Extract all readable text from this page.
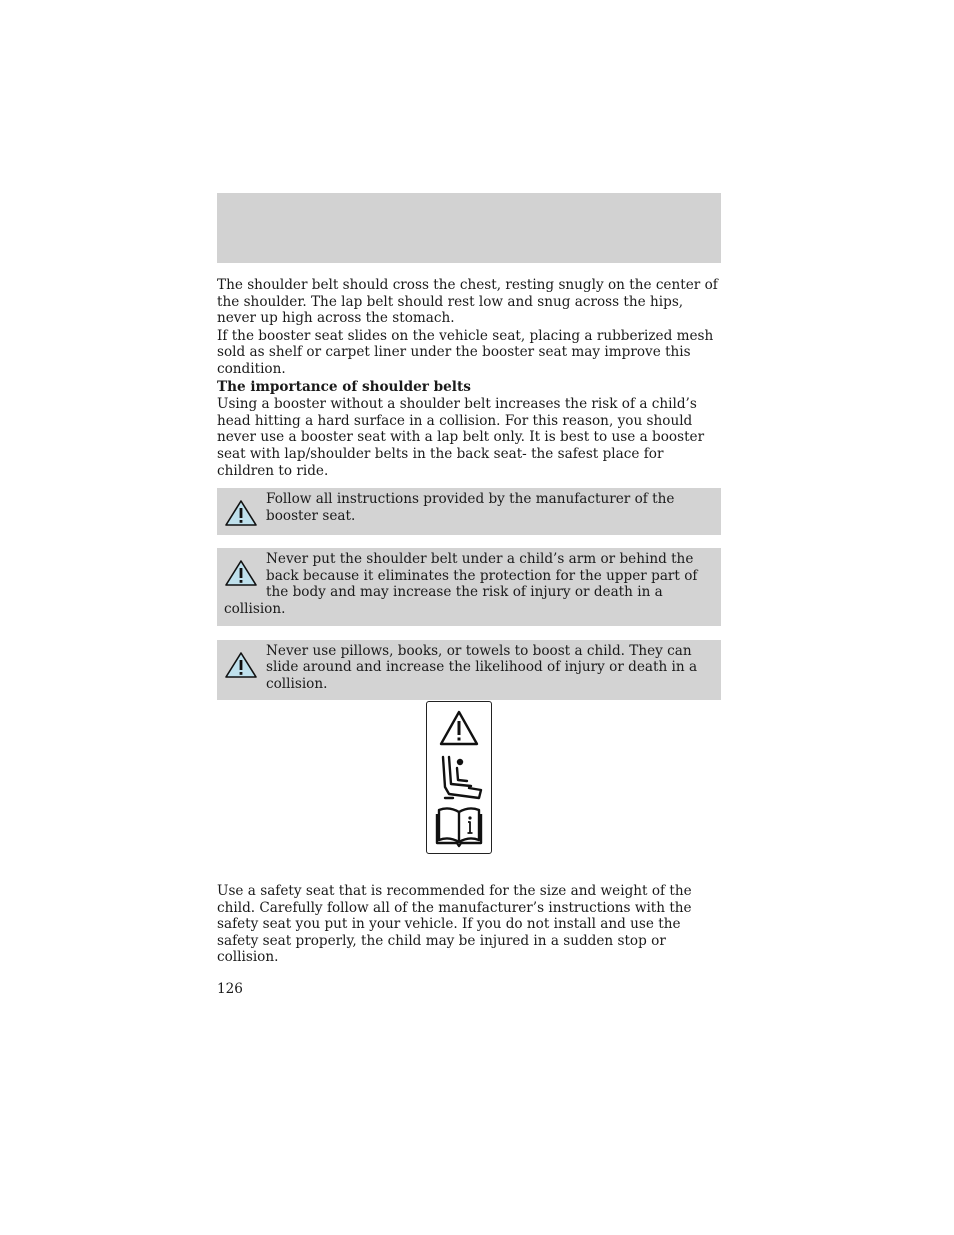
The shoulder belt should cross the chest, resting snugly on the center of the shoulder. The lap belt should rest low and snug across the hips, never up high across the stomach.

If the booster seat slides on the vehicle seat, placing a rubberized mesh sold as shelf or carpet liner under the booster seat may improve this condition.

The importance of shoulder belts

Using a booster without a shoulder belt increases the risk of a child’s head hitting a hard surface in a collision. For this reason, you should never use a booster seat with a lap belt only. It is best to use a booster seat with lap/shoulder belts in the back seat- the safest place for children to ride.

Follow all instructions provided by the manufacturer of the booster seat.
Never put the shoulder belt under a child’s arm or behind the back because it eliminates the protection for the upper part of the body and may increase the risk of injury or death in a collision.
Never use pillows, books, or towels to boost a child. They can slide around and increase the likelihood of injury or death in a collision.

Use a safety seat that is recommended for the size and weight of the child. Carefully follow all of the manufacturer’s instructions with the safety seat you put in your vehicle. If you do not install and use the safety seat properly, the child may be injured in a sudden stop or collision.

126
